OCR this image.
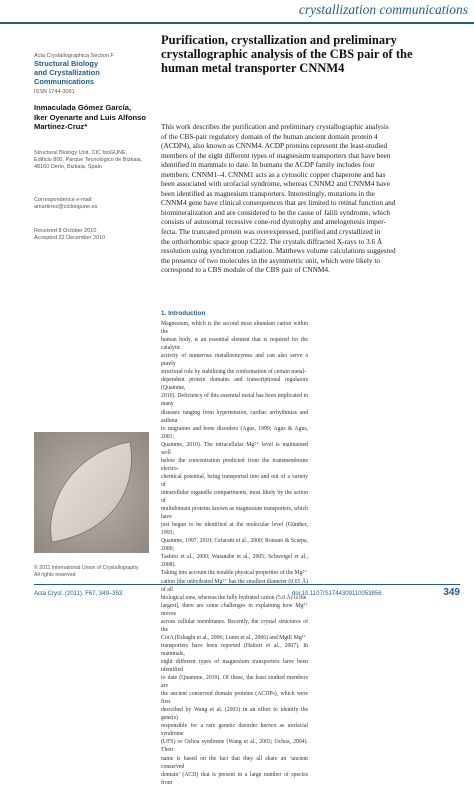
crystallization communications
Acta Crystallographica Section F
Structural Biology
and Crystallization
Communications
ISSN 1744-3091
Purification, crystallization and preliminary
crystallographic analysis of the CBS pair of the
human metal transporter CNNM4
Inmaculada Gómez García,
Iker Oyenarte and Luis Alfonso
Martínez-Cruz*
Structural Biology Unit, CIC bioGUNE,
Edificio 800, Parque Tecnológico de Bizkaia,
48160 Derio, Bizkaia, Spain
Correspondence e-mail:
amartinez@cicbiogune.es
Received 8 October 2010
Accepted 22 December 2010
This work describes the purification and preliminary crystallographic analysis
of the CBS-pair regulatory domain of the human ancient domain protein 4
(ACDP4), also known as CNNM4. ACDP proteins represent the least-studied
members of the eight different types of magnesium transporters that have been
identified in mammals to date. In humans the ACDP family includes four
members: CNNM1–4. CNNM1 acts as a cytosolic copper chaperone and has
been associated with urofacial syndrome, whereas CNNM2 and CNNM4 have
been identified as magnesium transporters. Interestingly, mutations in the
CNNM4 gene have clinical consequences that are limited to retinal function and
biomineralization and are considered to be the cause of Jalili syndrome, which
consists of autosomal recessive cone-rod dystrophy and amelogenesis imper-
fecta. The truncated protein was overexpressed, purified and crystallized in
the orthorhombic space group C222. The crystals diffracted X-rays to 3.6 Å
resolution using synchrotron radiation. Matthews volume calculations suggested
the presence of two molecules in the asymmetric unit, which were likely to
correspond to a CBS module of the CBS pair of CNNM4.
© 2011 International Union of Crystallography
All rights reserved
1. Introduction
Magnesium, which is the second most abundant cation within the
human body, is an essential element that is required for the catalytic
activity of numerous metalloenzymes and can also serve a purely
structural role by stabilizing the conformation of certain metal-
dependent protein domains and transcriptional regulators (Quamme,
2010). Deficiency of this essential metal has been implicated in many
diseases ranging from hypertension, cardiac arrhythmias and asthma
to migraines and bone disorders (Agus, 1999; Agus & Agus, 2001;
Quamme, 2010). The intracellular Mg²⁺ level is maintained well
below the concentration predicted from the transmembrane electro-
chemical potential, being transported into and out of a variety of
intracellular organelle compartments, most likely by the action of
multidomain proteins known as magnesium transporters, which have
just begun to be identified at the molecular level (Günther, 1993;
Quamme, 1997, 2010; Cefaratti et al., 2000; Romani & Scarpa, 2000;
Tashiro et al., 2000; Watanabe et al., 2005; Schweigel et al., 2008).
Taking into account the notable physical properties of the Mg²⁺
cation [the unhydrated Mg²⁺ has the smallest diameter (0.65 Å) of all
biological ions, whereas the fully hydrated cation (5.0 Å) is the
largest], there are some challenges in explaining how Mg²⁺ moves
across cellular membranes. Recently, the crystal structures of the
CorA (Eshaghi et al., 2006; Lunin et al., 2006) and MgtE Mg²⁺
transporters have been reported (Hattori et al., 2007). In mammals,
eight different types of magnesium transporters have been identified
to date (Quamme, 2010). Of these, the least studied members are
the ancient conserved domain proteins (ACDPs), which were first
described by Wang et al. (2003) in an effort to identify the gene(s)
responsible for a rare genetic disorder known as urofacial syndrome
(UFS) or Ochoa syndrome (Wang et al., 2003; Ochoa, 2004). Their
name is based on the fact that they all share an ‘ancient conserved
domain’ (ACD) that is present in a large number of species from
Acta Cryst. (2011). F67, 349–353	doi:10.1107/S1744309110053856	349
